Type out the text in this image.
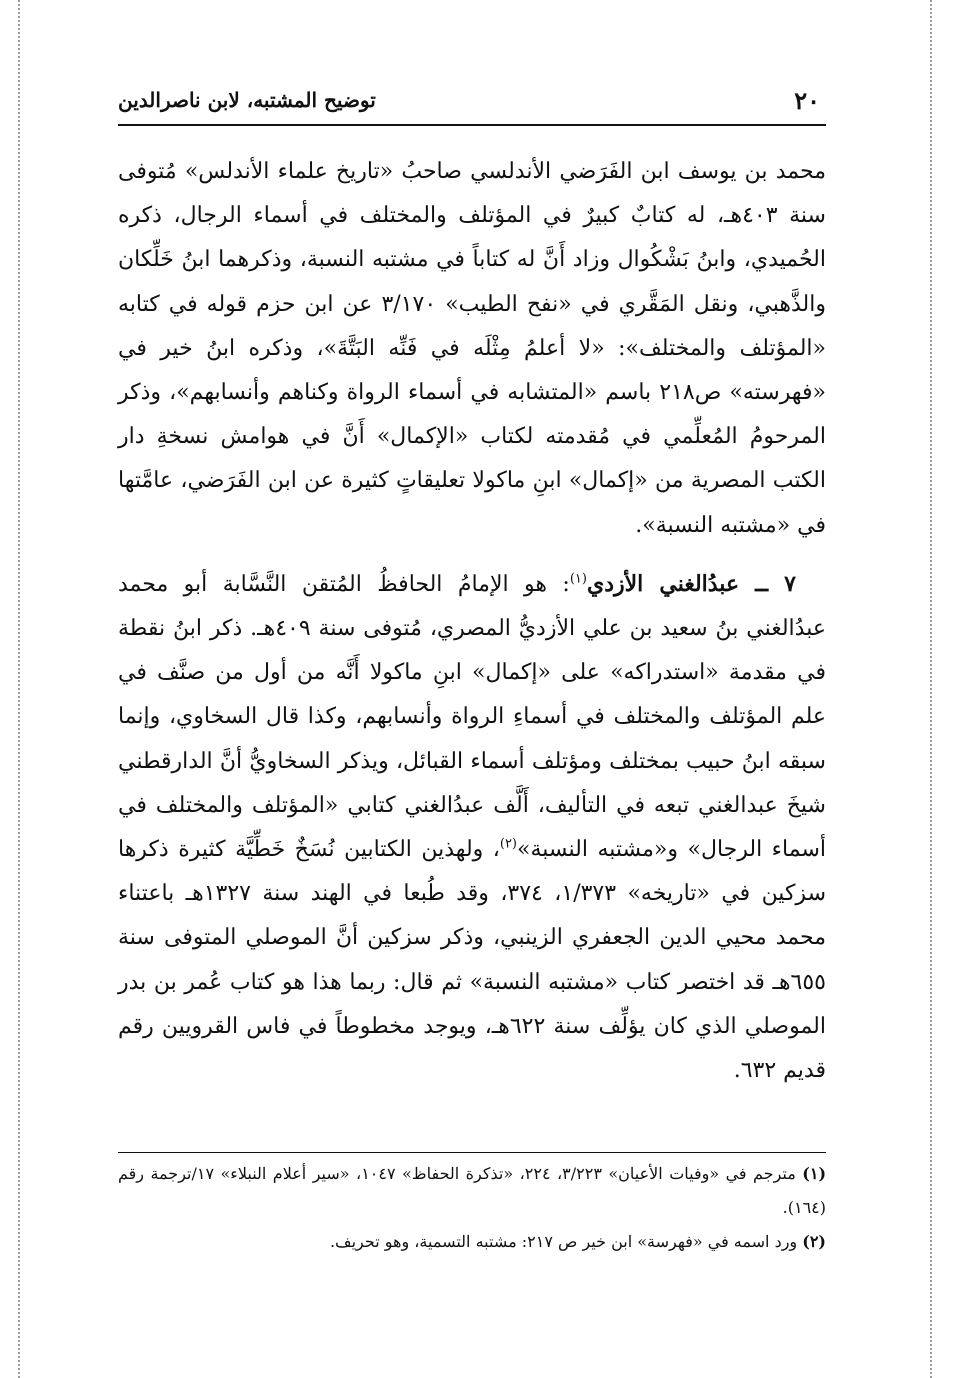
٢٠
توضيح المشتبه، لابن ناصرالدين

محمد بن يوسف ابن الفَرَضي الأندلسي صاحبُ «تاريخ علماء الأندلس» مُتوفى سنة ٤٠٣هـ، له كتابٌ كبيرٌ في المؤتلف والمختلف في أسماء الرجال، ذكره الحُميدي، وابنُ بَشْكُوال وزاد أَنَّ له كتاباً في مشتبه النسبة، وذكرهما ابنُ خَلِّكان والذَّهبي، ونقل المَقَّري في «نفح الطيب» ٣/١٧٠ عن ابن حزم قوله في كتابه «المؤتلف والمختلف»: «لا أعلمُ مِثْلَه في فَنِّه البَتَّةَ»، وذكره ابنُ خير في «فهرسته» ص٢١٨ باسم «المتشابه في أسماء الرواة وكناهم وأنسابهم»، وذكر المرحومُ المُعلِّمي في مُقدمته لكتاب «الإكمال» أَنَّ في هوامش نسخةِ دار الكتب المصرية من «إكمال» ابنِ ماكولا تعليقاتٍ كثيرة عن ابن الفَرَضي، عامَّتها في «مشتبه النسبة».

٧ ــ عبدُالغني الأزدي$^{(١)}$: هو الإمامُ الحافظُ المُتقن النَّسَّابة أبو محمد عبدُالغني بنُ سعيد بن علي الأزديُّ المصري، مُتوفى سنة ٤٠٩هـ. ذكر ابنُ نقطة في مقدمة «استدراكه» على «إكمال» ابنِ ماكولا أَنَّه من أول من صنَّف في علم المؤتلف والمختلف في أسماءِ الرواة وأنسابهم، وكذا قال السخاوي، وإنما سبقه ابنُ حبيب بمختلف ومؤتلف أسماء القبائل، ويذكر السخاويُّ أنَّ الدارقطني شيخَ عبدالغني تبعه في التأليف، أَلَّف عبدُالغني كتابي «المؤتلف والمختلف في أسماء الرجال» و«مشتبه النسبة»$^{(٢)}$، ولهذين الكتابين نُسَخٌ خَطِّيَّة كثيرة ذكرها سزكين في «تاريخه» ١/٣٧٣، ٣٧٤، وقد طُبعا في الهند سنة ١٣٢٧هـ باعتناء محمد محيي الدين الجعفري الزينبي، وذكر سزكين أنَّ الموصلي المتوفى سنة ٦٥٥هـ قد اختصر كتاب «مشتبه النسبة» ثم قال: ربما هذا هو كتاب عُمر بن بدر الموصلي الذي كان يؤلِّف سنة ٦٢٢هـ، ويوجد مخطوطاً في فاس القرويين رقم قديم ٦٣٢.

(١) مترجم في «وفيات الأعيان» ٣/٢٢٣، ٢٢٤، «تذكرة الحفاظ» ١٠٤٧، «سير أعلام النبلاء» ١٧/ترجمة رقم (١٦٤).

(٢) ورد اسمه في «فهرسة» ابن خير ص ٢١٧: مشتبه التسمية، وهو تحريف.
